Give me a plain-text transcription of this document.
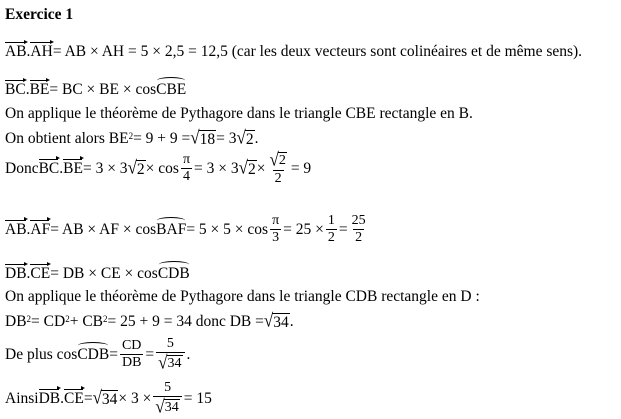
Exercice 1
AB . AH = AB × AH = 5 × 2,5 = 12,5 (car les deux vecteurs sont colinéaires et de même sens).
BC . BE = BC × BE × cos CBE
On applique le théorème de Pythagore dans le triangle CBE rectangle en B.
On obtient alors $BE^2 = 9 + 9$ = √ 18 = 3 √ 2 .
Donc BC . BE = 3 × 3 √ $2 \times \cos \frac{\pi}{4} = 3 \times 3$ √ $2 \times \frac{√ 2}{2} = 9$
AB . AF = AB × AF × cos BAF = $5 \times 5 \times \cos \frac{\pi}{3} = 25 \times \frac{1}{2} = \frac{25}{2}$
DB . CE = DB × CE × cos CDB
On applique le théorème de Pythagore dans le triangle CDB rectangle en D :
$DB^2 = CD^2 + CB^2 = 25 + 9 = 34$ donc DB = √ 34 .
De plus cos CDB = $\frac{CD}{DB} = \frac{5}{√ 34}$ .
Ainsi DB . CE = √ $34 \times 3 \times \frac{5}{√ 34} = 15$
